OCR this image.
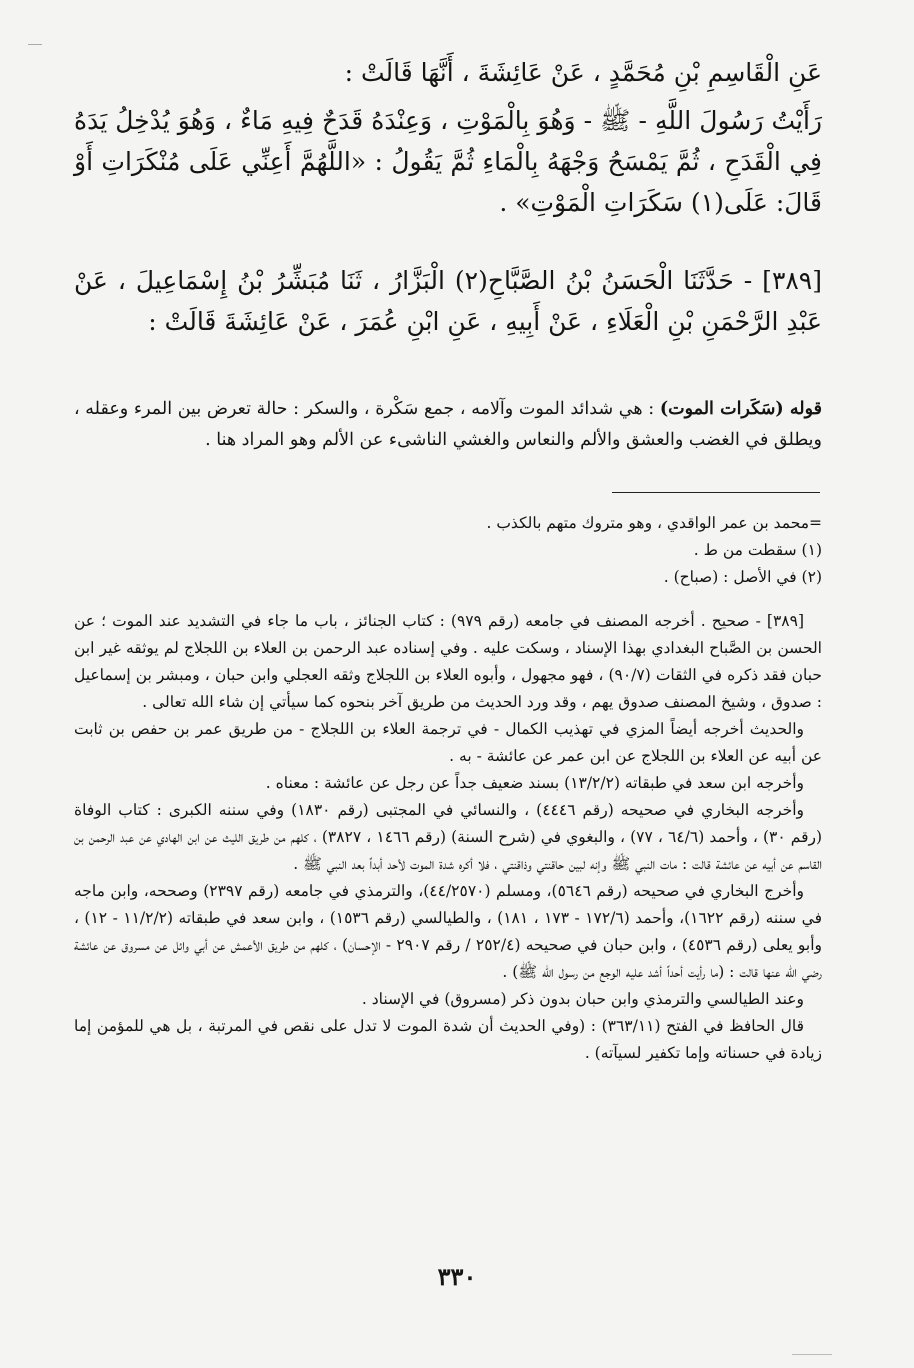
عَنِ الْقَاسِمِ بْنِ مُحَمَّدٍ ، عَنْ عَائِشَةَ ، أَنَّهَا قَالَتْ :
رَأَيْتُ رَسُولَ اللَّهِ - ﷺ - وَهُوَ بِالْمَوْتِ ، وَعِنْدَهُ قَدَحٌ فِيهِ مَاءٌ ، وَهُوَ يُدْخِلُ يَدَهُ فِي الْقَدَحِ ، ثُمَّ يَمْسَحُ وَجْهَهُ بِالْمَاءِ ثُمَّ يَقُولُ : «اللَّهُمَّ أَعِنِّي عَلَى مُنْكَرَاتِ أَوْ قَالَ: عَلَى(١) سَكَرَاتِ الْمَوْتِ» .
[٣٨٩] - حَدَّثَنَا الْحَسَنُ بْنُ الصَّبَّاحِ(٢) الْبَزَّارُ ، ثَنَا مُبَشِّرُ بْنُ إِسْمَاعِيلَ ، عَنْ عَبْدِ الرَّحْمَنِ بْنِ الْعَلَاءِ ، عَنْ أَبِيهِ ، عَنِ ابْنِ عُمَرَ ، عَنْ عَائِشَةَ قَالَتْ :
قوله (سَكَرات الموت) : هي شدائد الموت وآلامه ، جمع سَكْرة ، والسكر : حالة تعرض بين المرء وعقله ، ويطلق في الغضب والعشق والألم والنعاس والغشي الناشىء عن الألم وهو المراد هنا .

=محمد بن عمر الواقدي ، وهو متروك متهم بالكذب .

(١) سقطت من ط .

(٢) في الأصل : (صباح) .

[٣٨٩] - صحيح . أخرجه المصنف في جامعه (رقم ٩٧٩) : كتاب الجنائز ، باب ما جاء في التشديد عند الموت ؛ عن الحسن بن الصَّباح البغدادي بهذا الإسناد ، وسكت عليه . وفي إسناده عبد الرحمن بن العلاء بن اللجلاج لم يوثقه غير ابن حبان فقد ذكره في الثقات (٩٠/٧) ، فهو مجهول ، وأبوه العلاء بن اللجلاج وثقه العجلي وابن حبان ، ومبشر بن إسماعيل : صدوق ، وشيخ المصنف صدوق يهم ، وقد ورد الحديث من طريق آخر بنحوه كما سيأتي إن شاء الله تعالى .

والحديث أخرجه أيضاً المزي في تهذيب الكمال - في ترجمة العلاء بن اللجلاج - من طريق عمر بن حفص بن ثابت عن أبيه عن العلاء بن اللجلاج عن ابن عمر عن عائشة - به .

وأخرجه ابن سعد في طبقاته (١٣/٢/٢) بسند ضعيف جداً عن رجل عن عائشة : معناه .

وأخرجه البخاري في صحيحه (رقم ٤٤٤٦) ، والنسائي في المجتبى (رقم ١٨٣٠) وفي سننه الكبرى : كتاب الوفاة (رقم ٣٠) ، وأحمد (٦٤/٦ ، ٧٧) ، والبغوي في (شرح السنة) (رقم ١٤٦٦ ، ٣٨٢٧) ، كلهم من طريق الليث عن ابن الهادي عن عبد الرحمن بن القاسم عن أبيه عن عائشة قالت : مات النبي ﷺ وإنه لبين حاقنتي وذاقنتي ، فلا أكره شدة الموت لأحد أبداً بعد النبي ﷺ .

وأخرج البخاري في صحيحه (رقم ٥٦٤٦)، ومسلم (٤٤/٢٥٧٠)، والترمذي في جامعه (رقم ٢٣٩٧) وصححه، وابن ماجه في سننه (رقم ١٦٢٢)، وأحمد (١٧٢/٦ - ١٧٣ ، ١٨١) ، والطيالسي (رقم ١٥٣٦) ، وابن سعد في طبقاته (١١/٢/٢ - ١٢) ، وأبو يعلى (رقم ٤٥٣٦) ، وابن حبان في صحيحه (٢٥٢/٤ / رقم ٢٩٠٧ - الإحسان) ، كلهم من طريق الأعمش عن أبي وائل عن مسروق عن عائشة رضي الله عنها قالت : (ما رأيت أحداً أشد عليه الوجع من رسول الله ﷺ) .

وعند الطيالسي والترمذي وابن حبان بدون ذكر (مسروق) في الإسناد .

قال الحافظ في الفتح (٣٦٣/١١) : (وفي الحديث أن شدة الموت لا تدل على نقص في المرتبة ، بل هي للمؤمن إما زيادة في حسناته وإما تكفير لسيآته) .

٣٣٠
